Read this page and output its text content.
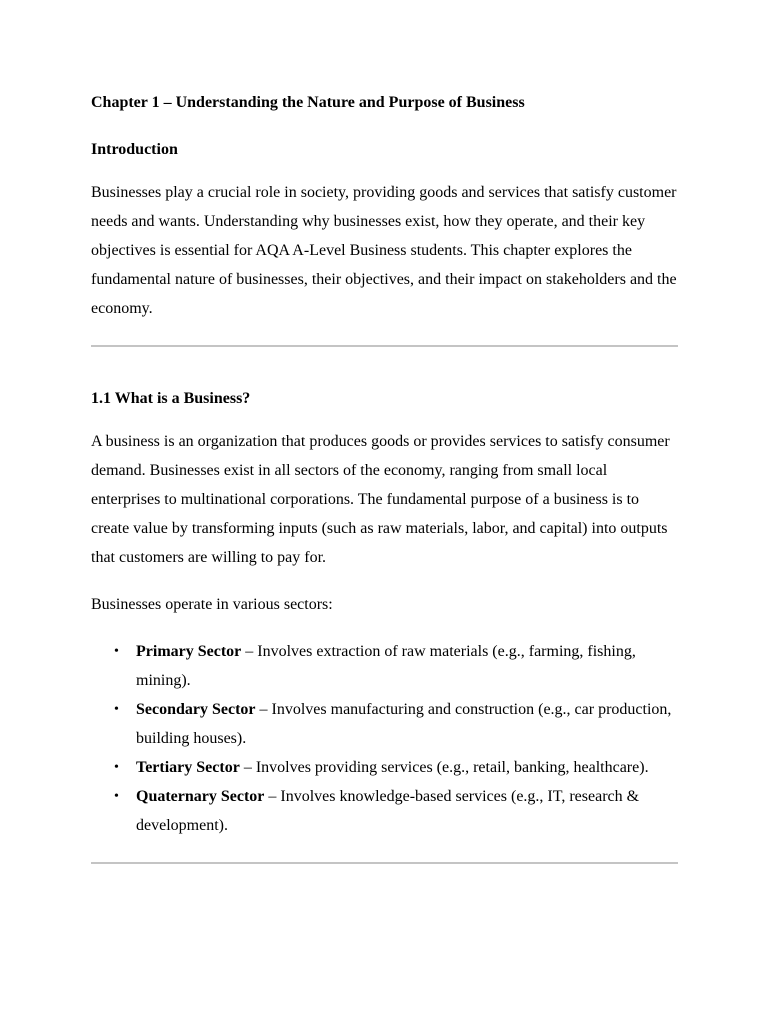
Chapter 1 – Understanding the Nature and Purpose of Business

Introduction

Businesses play a crucial role in society, providing goods and services that satisfy customer needs and wants. Understanding why businesses exist, how they operate, and their key objectives is essential for AQA A-Level Business students. This chapter explores the fundamental nature of businesses, their objectives, and their impact on stakeholders and the economy.

1.1 What is a Business?

A business is an organization that produces goods or provides services to satisfy consumer demand. Businesses exist in all sectors of the economy, ranging from small local enterprises to multinational corporations. The fundamental purpose of a business is to create value by transforming inputs (such as raw materials, labor, and capital) into outputs that customers are willing to pay for.

Businesses operate in various sectors:

• Primary Sector – Involves extraction of raw materials (e.g., farming, fishing, mining).
• Secondary Sector – Involves manufacturing and construction (e.g., car production, building houses).
• Tertiary Sector – Involves providing services (e.g., retail, banking, healthcare).
• Quaternary Sector – Involves knowledge-based services (e.g., IT, research & development).
